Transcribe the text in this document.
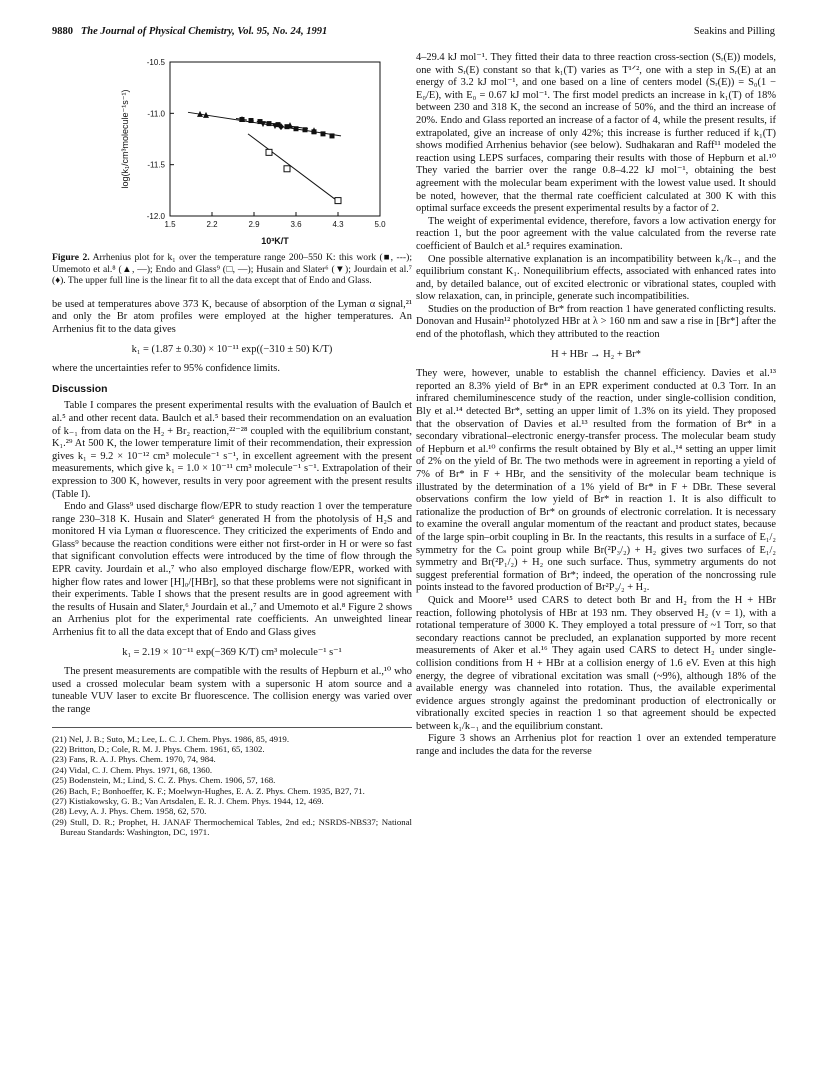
9880 The Journal of Physical Chemistry, Vol. 95, No. 24, 1991	Seakins and Pilling
1.5	2.2	2.9	3.6	4.3	5.0
-10.5
-11.0
-11.5
-12.0
10³K/T
log(k₁/cm³molecule⁻¹s⁻¹)
Figure 2. Arrhenius plot for k₁ over the temperature range 200–550 K: this work (■, ---); Umemoto et al.⁸ (▲, —); Endo and Glass⁹ (□, —); Husain and Slater⁶ (▼); Jourdain et al.⁷ (♦). The upper full line is the linear fit to all the data except that of Endo and Glass.

be used at temperatures above 373 K, because of absorption of the Lyman α signal,²¹ and only the Br atom profiles were employed at the higher temperatures. An Arrhenius fit to the data gives

k₁ = (1.87 ± 0.30) × 10⁻¹¹ exp((−310 ± 50) K/T)

where the uncertainties refer to 95% confidence limits.

Discussion

Table I compares the present experimental results with the evaluation of Baulch et al.⁵ and other recent data. Baulch et al.⁵ based their recommendation on an evaluation of k₋₁ from data on the H₂ + Br₂ reaction,²²⁻²⁸ coupled with the equilibrium constant, K₁.²⁹ At 500 K, the lower temperature limit of their recommendation, their expression gives k₁ = 9.2 × 10⁻¹² cm³ molecule⁻¹ s⁻¹, in excellent agreement with the present measurements, which give k₁ = 1.0 × 10⁻¹¹ cm³ molecule⁻¹ s⁻¹. Extrapolation of their expression to 300 K, however, results in very poor agreement with the present results (Table I).

Endo and Glass⁹ used discharge flow/EPR to study reaction 1 over the temperature range 230–318 K. Husain and Slater⁶ generated H from the photolysis of H₂S and monitored H via Lyman α fluorescence. They criticized the experiments of Endo and Glass⁹ because the reaction conditions were either not first-order in H or were so fast that significant convolution effects were introduced by the time of flow through the EPR cavity. Jourdain et al.,⁷ who also employed discharge flow/EPR, worked with higher flow rates and lower [H]₀/[HBr], so that these problems were not significant in their experiments. Table I shows that the present results are in good agreement with the results of Husain and Slater,⁶ Jourdain et al.,⁷ and Umemoto et al.⁸ Figure 2 shows an Arrhenius plot for the experimental rate coefficients. An unweighted linear Arrhenius fit to all the data except that of Endo and Glass gives

k₁ = 2.19 × 10⁻¹¹ exp(−369 K/T) cm³ molecule⁻¹ s⁻¹

The present measurements are compatible with the results of Hepburn et al.,¹⁰ who used a crossed molecular beam system with a supersonic H atom source and a tuneable VUV laser to excite Br fluorescence. The collision energy was varied over the range

(21) Nel, J. B.; Suto, M.; Lee, L. C. J. Chem. Phys. 1986, 85, 4919.
(22) Britton, D.; Cole, R. M. J. Phys. Chem. 1961, 65, 1302.
(23) Fans, R. A. J. Phys. Chem. 1970, 74, 984.
(24) Vidal, C. J. Chem. Phys. 1971, 68, 1360.
(25) Bodenstein, M.; Lind, S. C. Z. Phys. Chem. 1906, 57, 168.
(26) Bach, F.; Bonhoeffer, K. F.; Moelwyn-Hughes, E. A. Z. Phys. Chem. 1935, B27, 71.
(27) Kistiakowsky, G. B.; Van Artsdalen, E. R. J. Chem. Phys. 1944, 12, 469.
(28) Levy, A. J. Phys. Chem. 1958, 62, 570.
(29) Stull, D. R.; Prophet, H. JANAF Thermochemical Tables, 2nd ed.; NSRDS-NBS37; National Bureau Standards: Washington, DC, 1971.

4–29.4 kJ mol⁻¹. They fitted their data to three reaction cross-section (Sᵣ(E)) models, one with Sᵣ(E) constant so that k₁(T) varies as T¹ᐟ², one with a step in Sᵣ(E) at an energy of 3.2 kJ mol⁻¹, and one based on a line of centers model (Sᵣ(E)) = S₀(1 − E₀/E), with E₀ = 0.67 kJ mol⁻¹. The first model predicts an increase in k₁(T) of 18% between 230 and 318 K, the second an increase of 50%, and the third an increase of 20%. Endo and Glass reported an increase of a factor of 4, while the present results, if extrapolated, give an increase of only 42%; this increase is further reduced if k₁(T) shows modified Arrhenius behavior (see below). Sudhakaran and Raff¹¹ modeled the reaction using LEPS surfaces, comparing their results with those of Hepburn et al.¹⁰ They varied the barrier over the range 0.8–4.22 kJ mol⁻¹, obtaining the best agreement with the molecular beam experiment with the lowest value used. It should be noted, however, that the thermal rate coefficient calculated at 300 K with this optimal surface exceeds the present experimental results by a factor of 2.

The weight of experimental evidence, therefore, favors a low activation energy for reaction 1, but the poor agreement with the value calculated from the reverse rate coefficient of Baulch et al.⁵ requires examination.

One possible alternative explanation is an incompatibility between k₁/k₋₁ and the equilibrium constant K₁. Nonequilibrium effects, associated with enhanced rates into and, by detailed balance, out of excited electronic or vibrational states, coupled with slow relaxation, can, in principle, generate such incompatibilities.

Studies on the production of Br* from reaction 1 have generated conflicting results. Donovan and Husain¹² photolyzed HBr at λ > 160 nm and saw a rise in [Br*] after the end of the photoflash, which they attributed to the reaction

H + HBr → H₂ + Br*

They were, however, unable to establish the channel efficiency. Davies et al.¹³ reported an 8.3% yield of Br* in an EPR experiment conducted at 0.3 Torr. In an infrared chemiluminescence study of the reaction, under single-collision condition, Bly et al.¹⁴ detected Br*, setting an upper limit of 1.3% on its yield. They proposed that the observation of Davies et al.¹³ resulted from the formation of Br* in a secondary vibrational–electronic energy-transfer process. The molecular beam study of Hepburn et al.¹⁰ confirms the result obtained by Bly et al.,¹⁴ setting an upper limit of 2% on the yield of Br. The two methods were in agreement in reporting a yield of 7% of Br* in F + HBr, and the sensitivity of the molecular beam technique is illustrated by the determination of a 1% yield of Br* in F + DBr. These several observations confirm the low yield of Br* in reaction 1. It is also difficult to rationalize the production of Br* on grounds of electronic correlation. It is necessary to examine the overall angular momentum of the reactant and product states, because of the large spin–orbit coupling in Br. In the reactants, this results in a surface of E₁/₂ symmetry for the Cₛ point group while Br(²P₃/₂) + H₂ gives two surfaces of E₁/₂ symmetry and Br(²P₁/₂) + H₂ one such surface. Thus, symmetry arguments do not suggest preferential formation of Br*; indeed, the operation of the noncrossing rule points instead to the favored production of Br²P₃/₂ + H₂.

Quick and Moore¹⁵ used CARS to detect both Br and H₂ from the H + HBr reaction, following photolysis of HBr at 193 nm. They observed H₂ (v = 1), with a rotational temperature of 3000 K. They employed a total pressure of ~1 Torr, so that secondary reactions cannot be precluded, an explanation supported by more recent measurements of Aker et al.¹⁶ They again used CARS to detect H₂ under single-collision conditions from H + HBr at a collision energy of 1.6 eV. Even at this high energy, the degree of vibrational excitation was small (~9%), although 18% of the available energy was channeled into rotation. Thus, the available experimental evidence argues strongly against the predominant production of electronically or vibrationally excited species in reaction 1 so that agreement should be expected between k₁/k₋₁ and the equilibrium constant.

Figure 3 shows an Arrhenius plot for reaction 1 over an extended temperature range and includes the data for the reverse
